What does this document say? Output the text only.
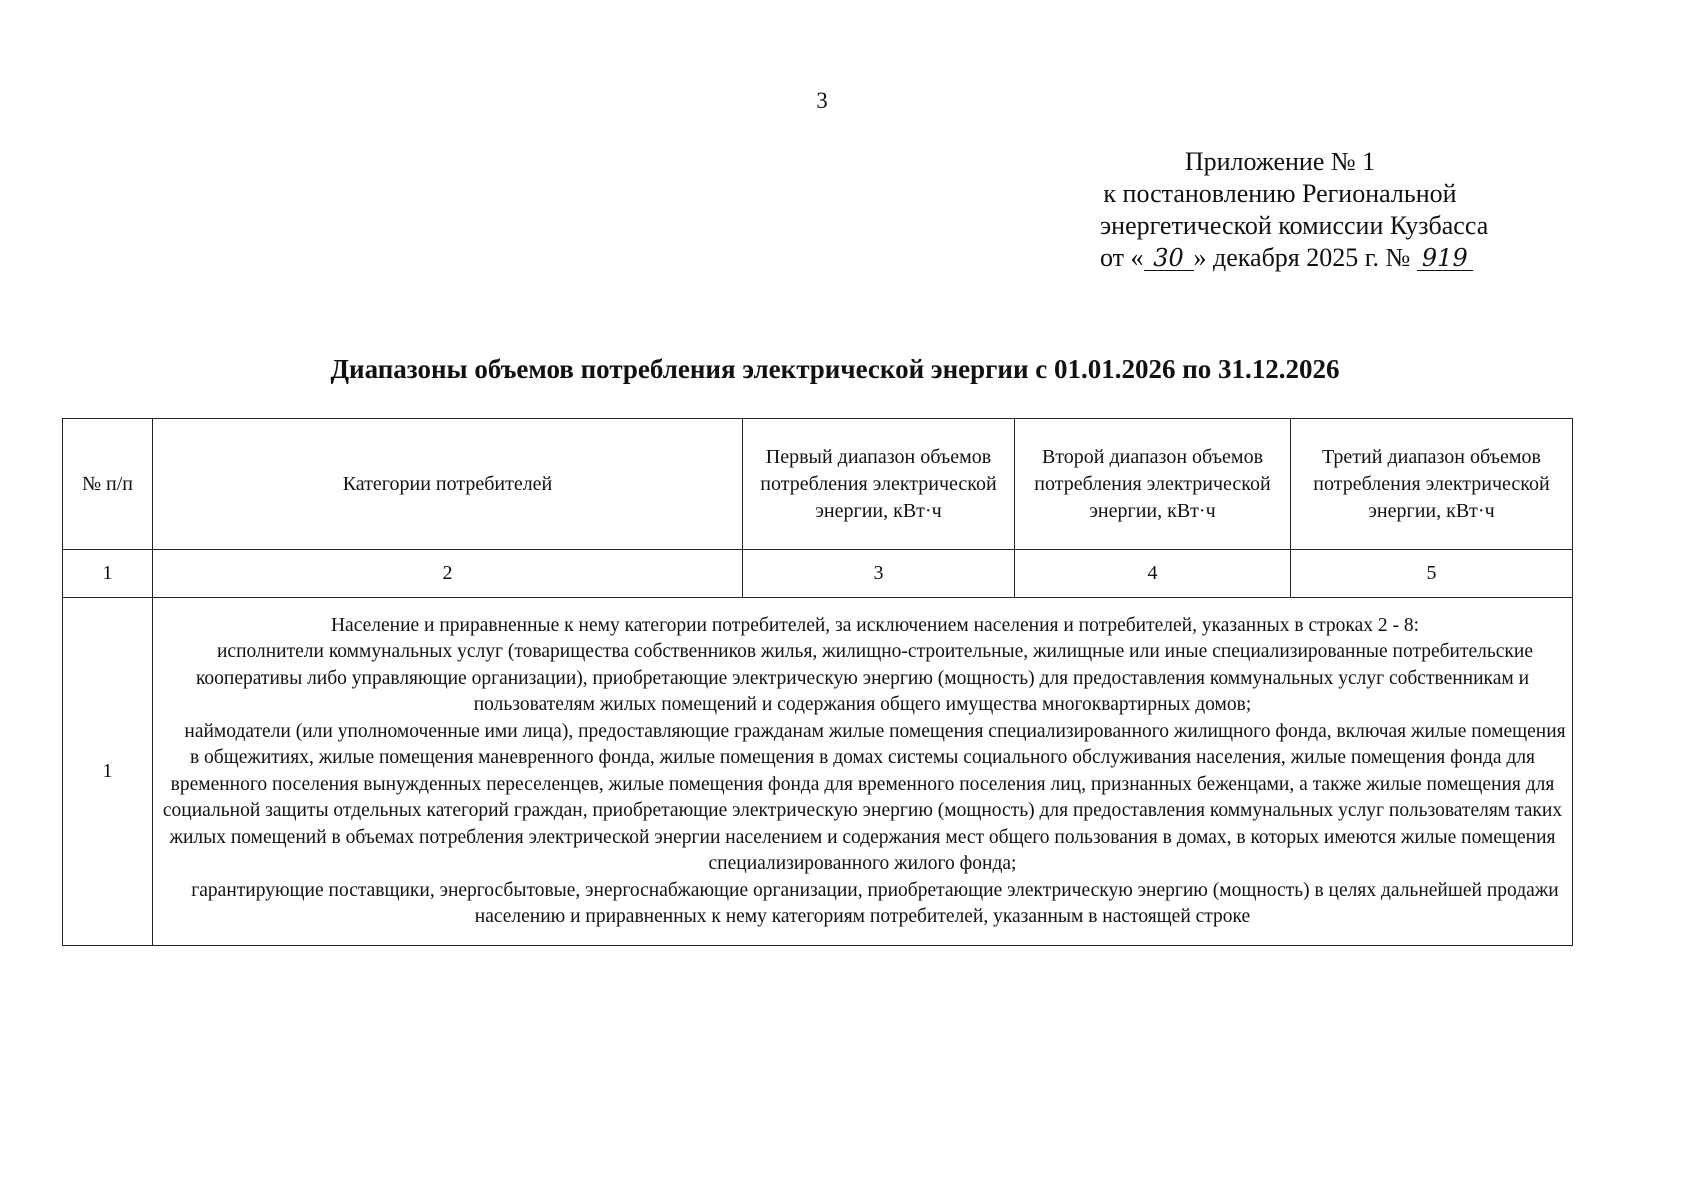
3
Приложение № 1
к постановлению Региональной
энергетической комиссии Кузбасса
от « 30 » декабря 2025 г. № 919
Диапазоны объемов потребления электрической энергии с 01.01.2026 по 31.12.2026
№ п/п	Категории потребителей	Первый диапазон объемов потребления электрической энергии, кВт·ч	Второй диапазон объемов потребления электрической энергии, кВт·ч	Третий диапазон объемов потребления электрической энергии, кВт·ч

1	2	3	4	5
1	Население и приравненные к нему категории потребителей, за исключением населения и потребителей, указанных в строках 2 - 8:

исполнители коммунальных услуг (товарищества собственников жилья, жилищно-строительные, жилищные или иные специализированные потребительские кооперативы либо управляющие организации), приобретающие электрическую энергию (мощность) для предоставления коммунальных услуг собственникам и пользователям жилых помещений и содержания общего имущества многоквартирных домов;

наймодатели (или уполномоченные ими лица), предоставляющие гражданам жилые помещения специализированного жилищного фонда, включая жилые помещения в общежитиях, жилые помещения маневренного фонда, жилые помещения в домах системы социального обслуживания населения, жилые помещения фонда для временного поселения вынужденных переселенцев, жилые помещения фонда для временного поселения лиц, признанных беженцами, а также жилые помещения для социальной защиты отдельных категорий граждан, приобретающие электрическую энергию (мощность) для предоставления коммунальных услуг пользователям таких жилых помещений в объемах потребления электрической энергии населением и содержания мест общего пользования в домах, в которых имеются жилые помещения специализированного жилого фонда;

гарантирующие поставщики, энергосбытовые, энергоснабжающие организации, приобретающие электрическую энергию (мощность) в целях дальнейшей продажи населению и приравненных к нему категориям потребителей, указанным в настоящей строке			
